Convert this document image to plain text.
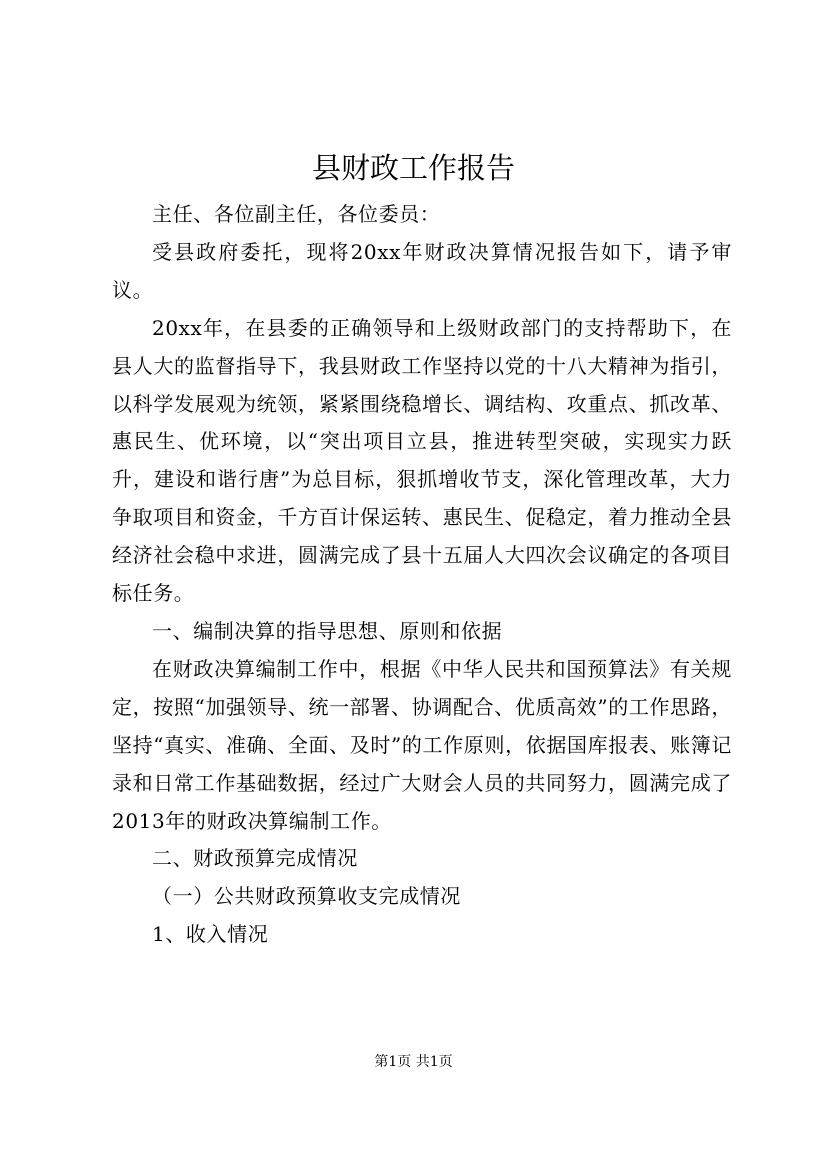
县财政工作报告

主任、各位副主任，各位委员：

受县政府委托，现将20xx年财政决算情况报告如下，请予审议。

20xx年，在县委的正确领导和上级财政部门的支持帮助下，在县人大的监督指导下，我县财政工作坚持以党的十八大精神为指引，以科学发展观为统领，紧紧围绕稳增长、调结构、攻重点、抓改革、惠民生、优环境，以“突出项目立县，推进转型突破，实现实力跃升，建设和谐行唐”为总目标，狠抓增收节支，深化管理改革，大力争取项目和资金，千方百计保运转、惠民生、促稳定，着力推动全县经济社会稳中求进，圆满完成了县十五届人大四次会议确定的各项目标任务。

一、编制决算的指导思想、原则和依据

在财政决算编制工作中，根据《中华人民共和国预算法》有关规定，按照“加强领导、统一部署、协调配合、优质高效”的工作思路，坚持“真实、准确、全面、及时”的工作原则，依据国库报表、账簿记录和日常工作基础数据，经过广大财会人员的共同努力，圆满完成了2013年的财政决算编制工作。

二、财政预算完成情况

（一）公共财政预算收支完成情况

1、收入情况

第1页 共1页
